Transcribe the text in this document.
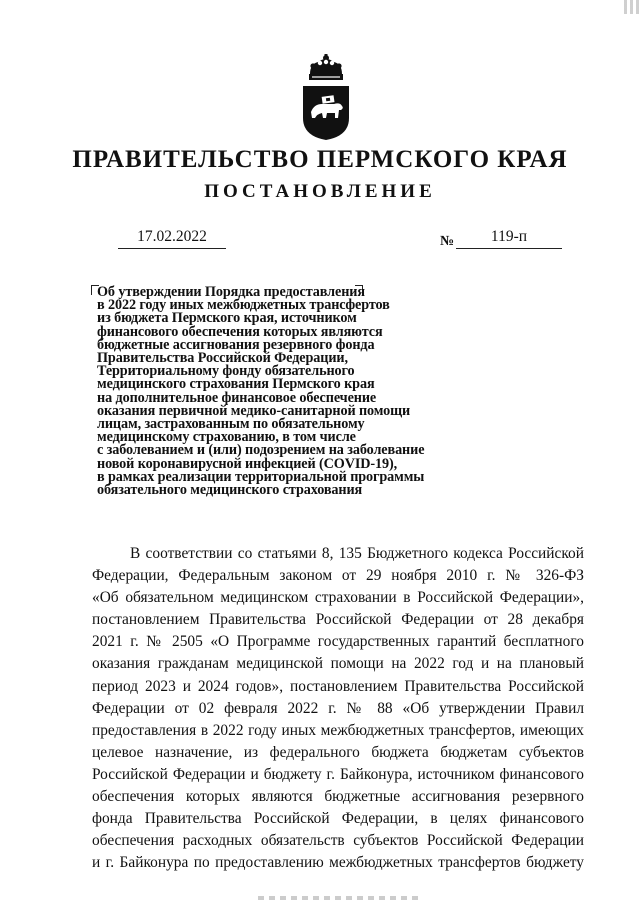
ПРАВИТЕЛЬСТВО ПЕРМСКОГО КРАЯ
ПОСТАНОВЛЕНИЕ
17.02.2022	№	119-п
Об утверждении Порядка предоставления
в 2022 году иных межбюджетных трансфертов
из бюджета Пермского края, источником
финансового обеспечения которых являются
бюджетные ассигнования резервного фонда
Правительства Российской Федерации,
Территориальному фонду обязательного
медицинского страхования Пермского края
на дополнительное финансовое обеспечение
оказания первичной медико-санитарной помощи
лицам, застрахованным по обязательному
медицинскому страхованию, в том числе
с заболеванием и (или) подозрением на заболевание
новой коронавирусной инфекцией (COVID-19),
в рамках реализации территориальной программы
обязательного медицинского страхования
В соответствии со статьями 8, 135 Бюджетного кодекса Российской
Федерации, Федеральным законом от 29 ноября 2010 г. № 326-ФЗ
«Об обязательном медицинском страховании в Российской Федерации»,
постановлением Правительства Российской Федерации от 28 декабря
2021 г. № 2505 «О Программе государственных гарантий бесплатного
оказания гражданам медицинской помощи на 2022 год и на плановый
период 2023 и 2024 годов», постановлением Правительства Российской
Федерации от 02 февраля 2022 г. № 88 «Об утверждении Правил
предоставления в 2022 году иных межбюджетных трансфертов, имеющих
целевое назначение, из федерального бюджета бюджетам субъектов
Российской Федерации и бюджету г. Байконура, источником финансового
обеспечения которых являются бюджетные ассигнования резервного
фонда Правительства Российской Федерации, в целях финансового
обеспечения расходных обязательств субъектов Российской Федерации
и г. Байконура по предоставлению межбюджетных трансфертов бюджету
